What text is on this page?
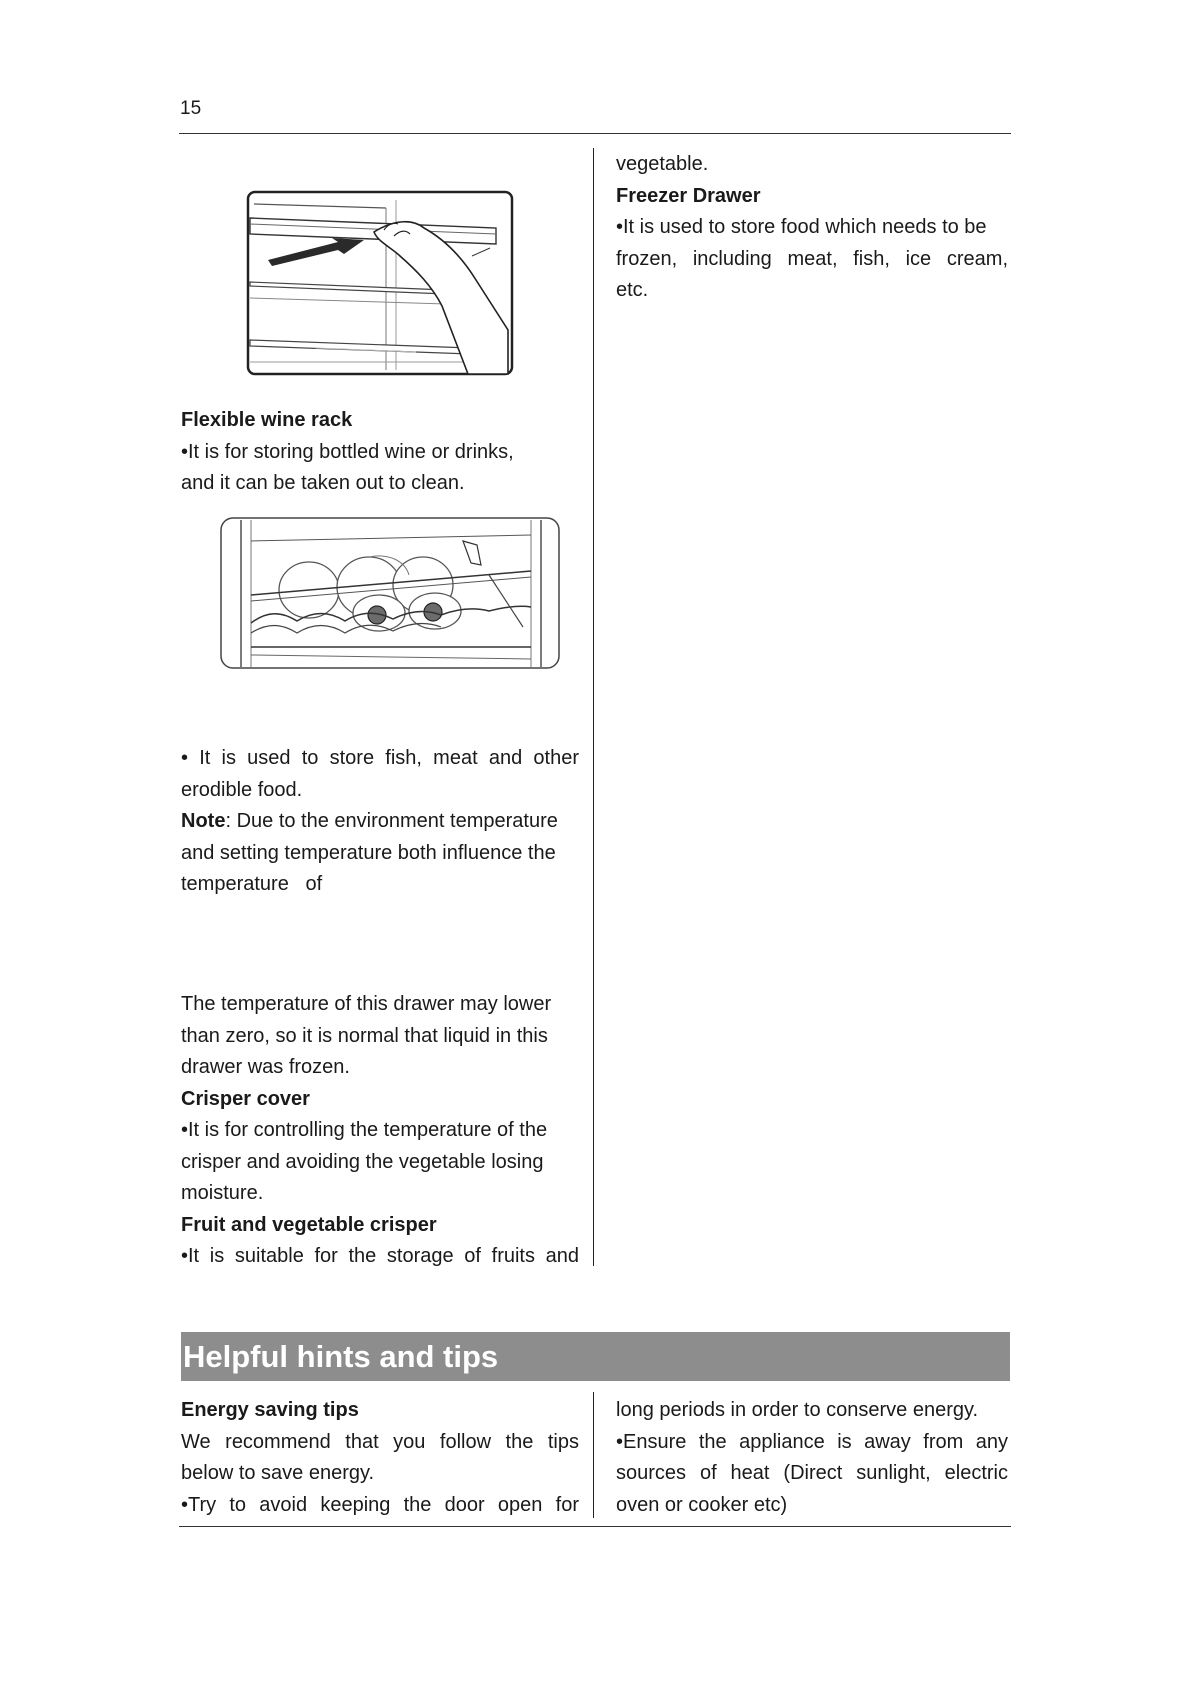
15

Flexible wine rack

•It is for storing bottled wine or drinks,

and it can be taken out to clean.

• It is used to store fish, meat and other

erodible food.

Note: Due to the environment temperature

and setting temperature both influence the

temperature   of

The temperature of this drawer may lower

than zero, so it is normal that liquid in this

drawer was frozen.

Crisper cover

•It is for controlling the temperature of the

crisper and avoiding the vegetable losing

moisture.

Fruit and vegetable crisper

•It is suitable for the storage of fruits and

vegetable.

Freezer Drawer

•It is used to store food which needs to be

frozen, including meat, fish, ice cream,

etc.

Helpful hints and tips

Energy saving tips

We recommend that you follow the tips

below to save energy.

•Try to avoid keeping the door open for

long periods in order to conserve energy.

•Ensure the appliance is away from any

sources of heat (Direct sunlight, electric

oven or cooker etc)
